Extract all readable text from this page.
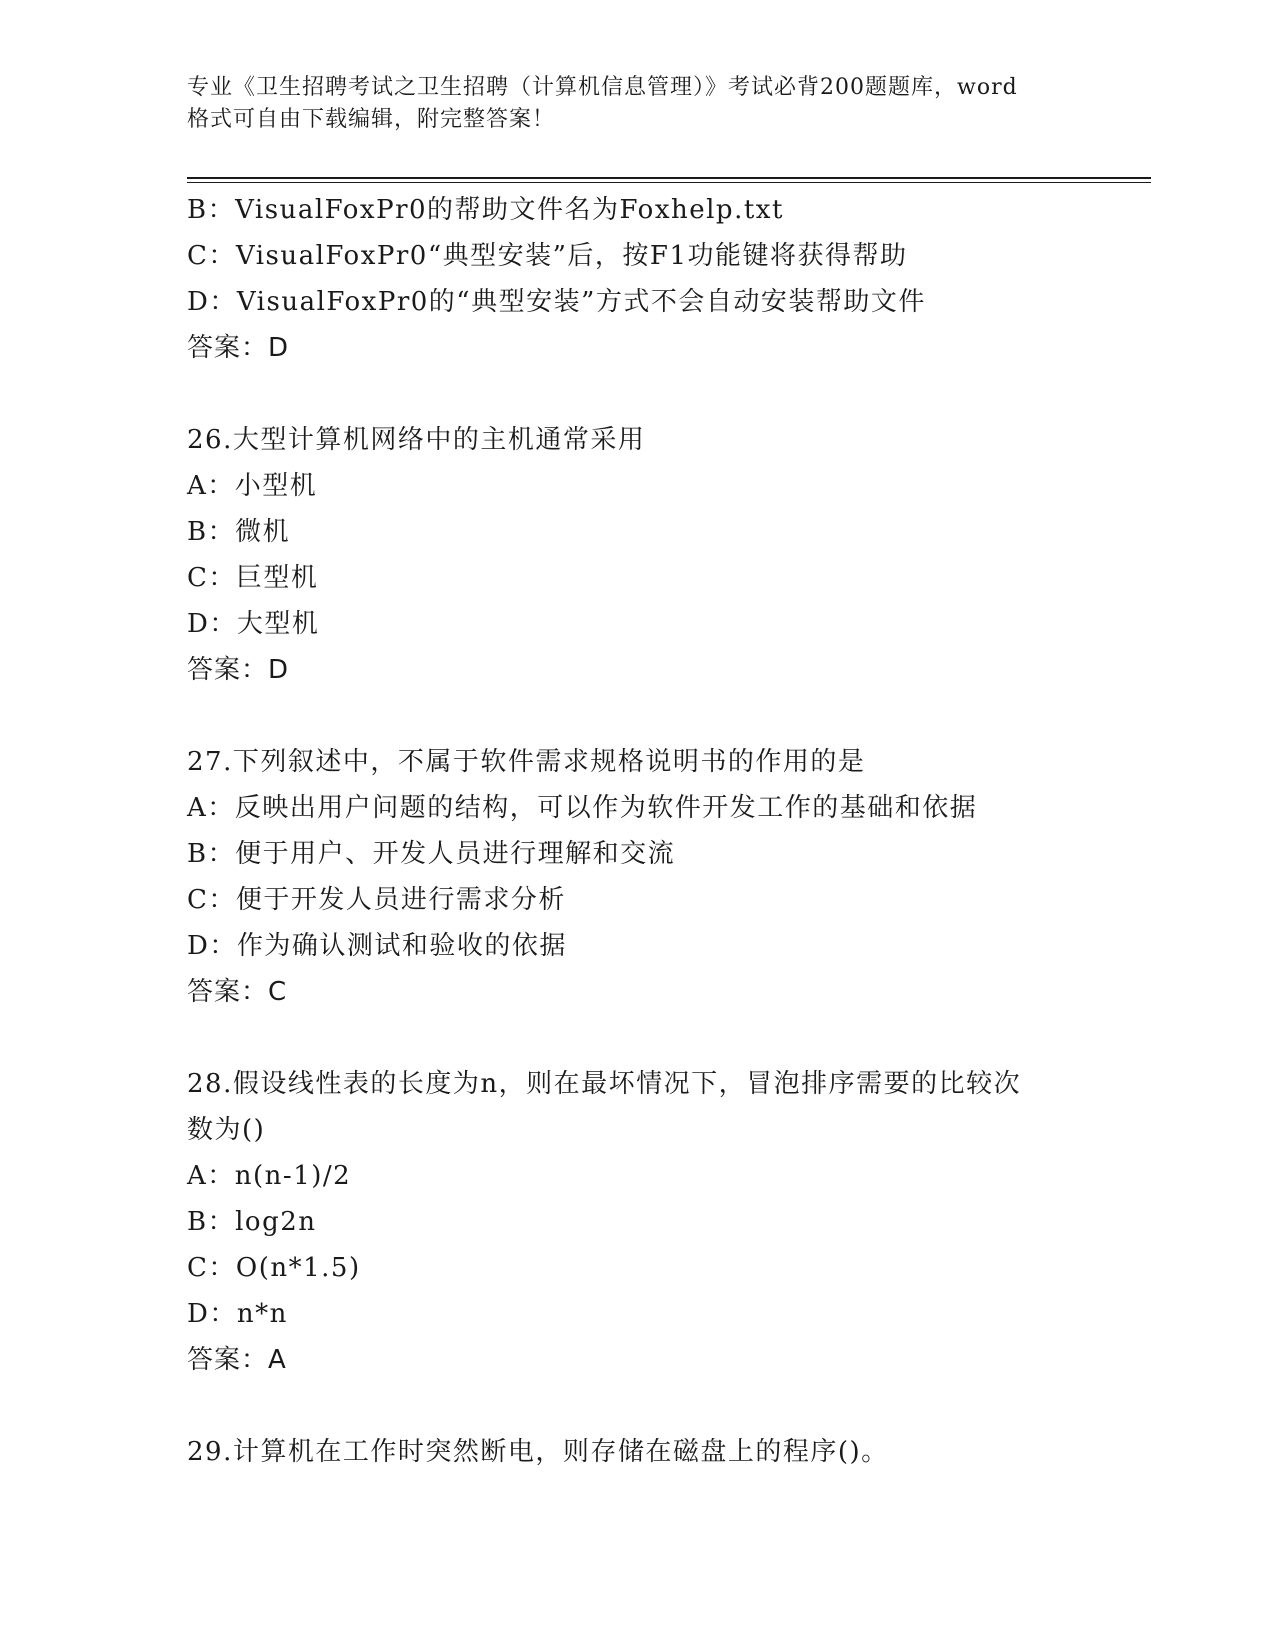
专业《卫生招聘考试之卫生招聘（计算机信息管理）》考试必背200题题库，word
格式可自由下载编辑，附完整答案！
B：VisualFoxPr0的帮助文件名为Foxhelp.txt
C：VisualFoxPr0“典型安装”后，按F1功能键将获得帮助
D：VisualFoxPr0的“典型安装”方式不会自动安装帮助文件
答案：D
26.大型计算机网络中的主机通常采用
A：小型机
B：微机
C：巨型机
D：大型机
答案：D
27.下列叙述中，不属于软件需求规格说明书的作用的是
A：反映出用户问题的结构，可以作为软件开发工作的基础和依据
B：便于用户、开发人员进行理解和交流
C：便于开发人员进行需求分析
D：作为确认测试和验收的依据
答案：C
28.假设线性表的长度为n，则在最坏情况下，冒泡排序需要的比较次
数为()
A：n(n-1)/2
B：log2n
C：O(n*1.5)
D：n*n
答案：A
29.计算机在工作时突然断电，则存储在磁盘上的程序()。
